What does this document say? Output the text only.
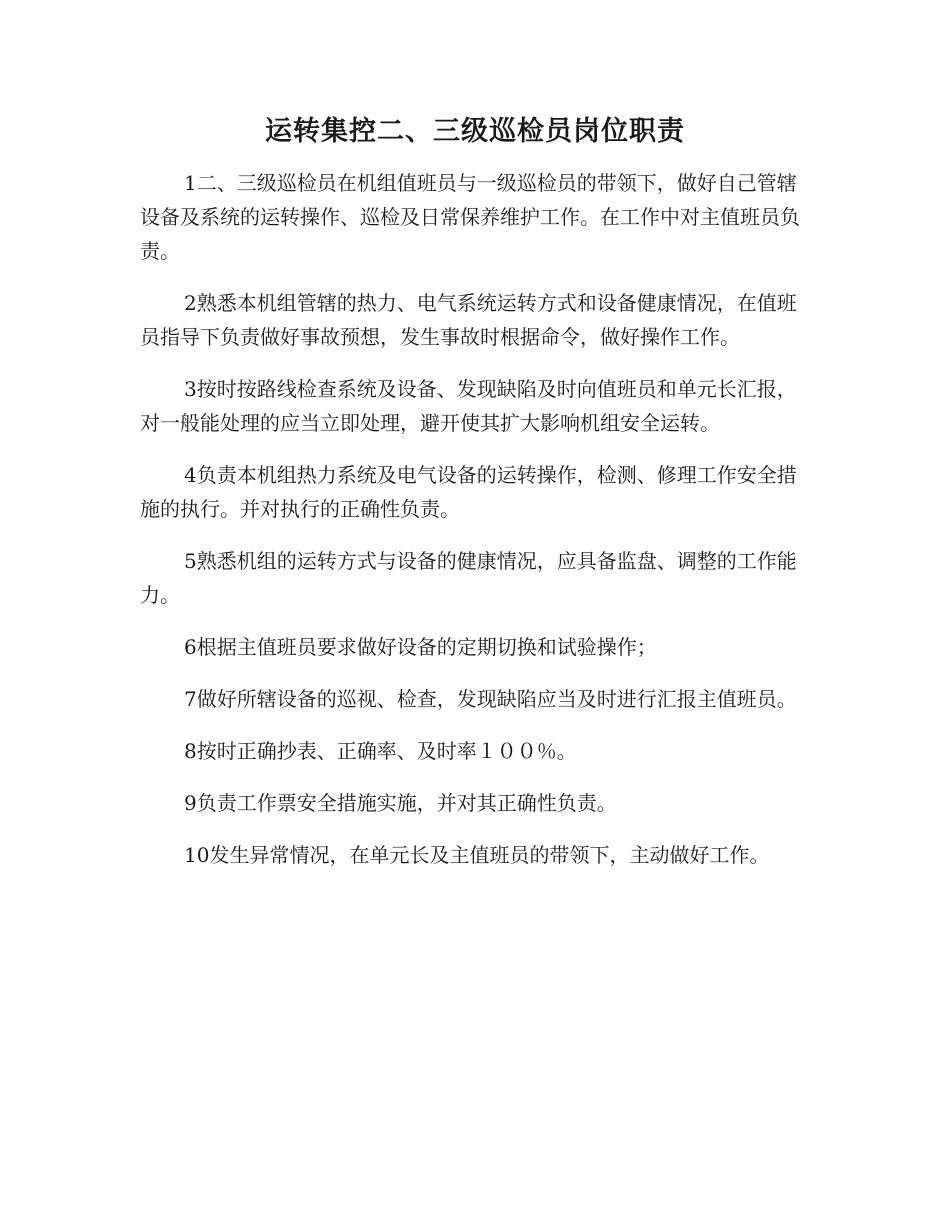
运转集控二、三级巡检员岗位职责

1二、三级巡检员在机组值班员与一级巡检员的带领下，做好自己管辖设备及系统的运转操作、巡检及日常保养维护工作。在工作中对主值班员负责。

2熟悉本机组管辖的热力、电气系统运转方式和设备健康情况，在值班员指导下负责做好事故预想，发生事故时根据命令，做好操作工作。

3按时按路线检查系统及设备、发现缺陷及时向值班员和单元长汇报，对一般能处理的应当立即处理，避开使其扩大影响机组安全运转。

4负责本机组热力系统及电气设备的运转操作，检测、修理工作安全措施的执行。并对执行的正确性负责。

5熟悉机组的运转方式与设备的健康情况，应具备监盘、调整的工作能力。

6根据主值班员要求做好设备的定期切换和试验操作；

7做好所辖设备的巡视、检查，发现缺陷应当及时进行汇报主值班员。

8按时正确抄表、正确率、及时率１００％。

9负责工作票安全措施实施，并对其正确性负责。

10发生异常情况，在单元长及主值班员的带领下，主动做好工作。
